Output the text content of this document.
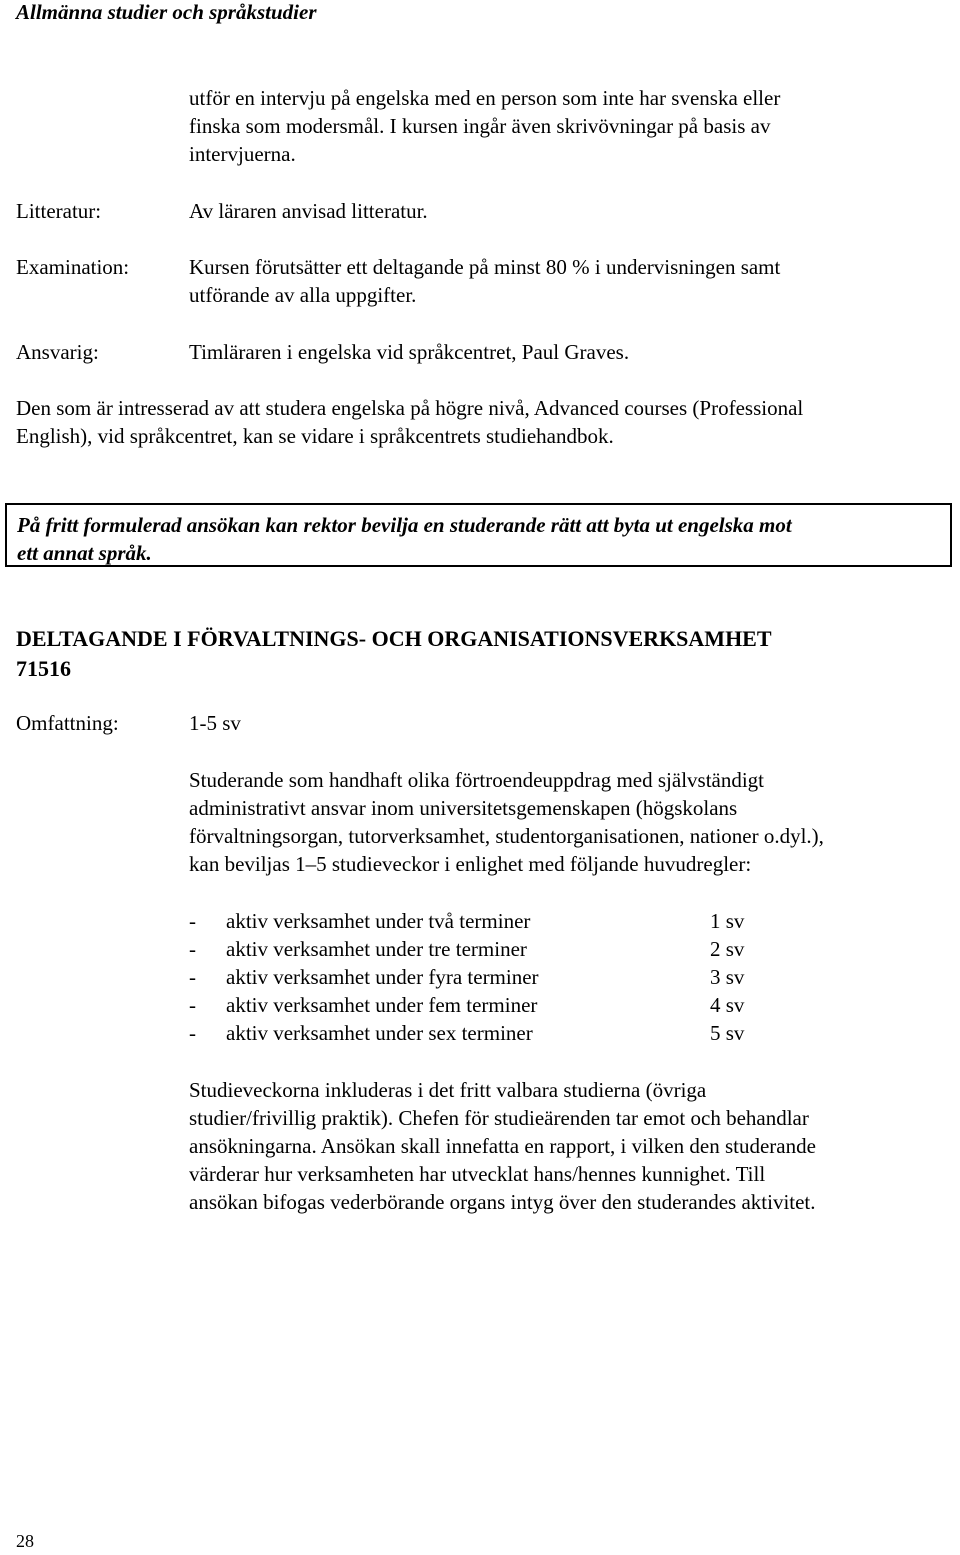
Allmänna studier och språkstudier
utför en intervju på engelska med en person som inte har svenska eller
finska som modersmål. I kursen ingår även skrivövningar på basis av
intervjuerna.
Litteratur:	Av läraren anvisad litteratur.
Examination:	Kursen förutsätter ett deltagande på minst 80 % i undervisningen samt
utförande av alla uppgifter.
Ansvarig:	Timläraren i engelska vid språkcentret, Paul Graves.
Den som är intresserad av att studera engelska på högre nivå, Advanced courses (Professional
English), vid språkcentret, kan se vidare i språkcentrets studiehandbok.
På fritt formulerad ansökan kan rektor bevilja en studerande rätt att byta ut engelska mot
ett annat språk.
DELTAGANDE I FÖRVALTNINGS- OCH ORGANISATIONSVERKSAMHET
71516
Omfattning:	1-5 sv
Studerande som handhaft olika förtroendeuppdrag med självständigt
administrativt ansvar inom universitetsgemenskapen (högskolans
förvaltningsorgan, tutorverksamhet, studentorganisationen, nationer o.dyl.),
kan beviljas 1–5 studieveckor i enlighet med följande huvudregler:
- aktiv verksamhet under två terminer	1 sv
- aktiv verksamhet under tre terminer	2 sv
- aktiv verksamhet under fyra terminer	3 sv
- aktiv verksamhet under fem terminer	4 sv
- aktiv verksamhet under sex terminer	5 sv
Studieveckorna inkluderas i det fritt valbara studierna (övriga
studier/frivillig praktik). Chefen för studieärenden tar emot och behandlar
ansökningarna. Ansökan skall innefatta en rapport, i vilken den studerande
värderar hur verksamheten har utvecklat hans/hennes kunnighet. Till
ansökan bifogas vederbörande organs intyg över den studerandes aktivitet.
28
